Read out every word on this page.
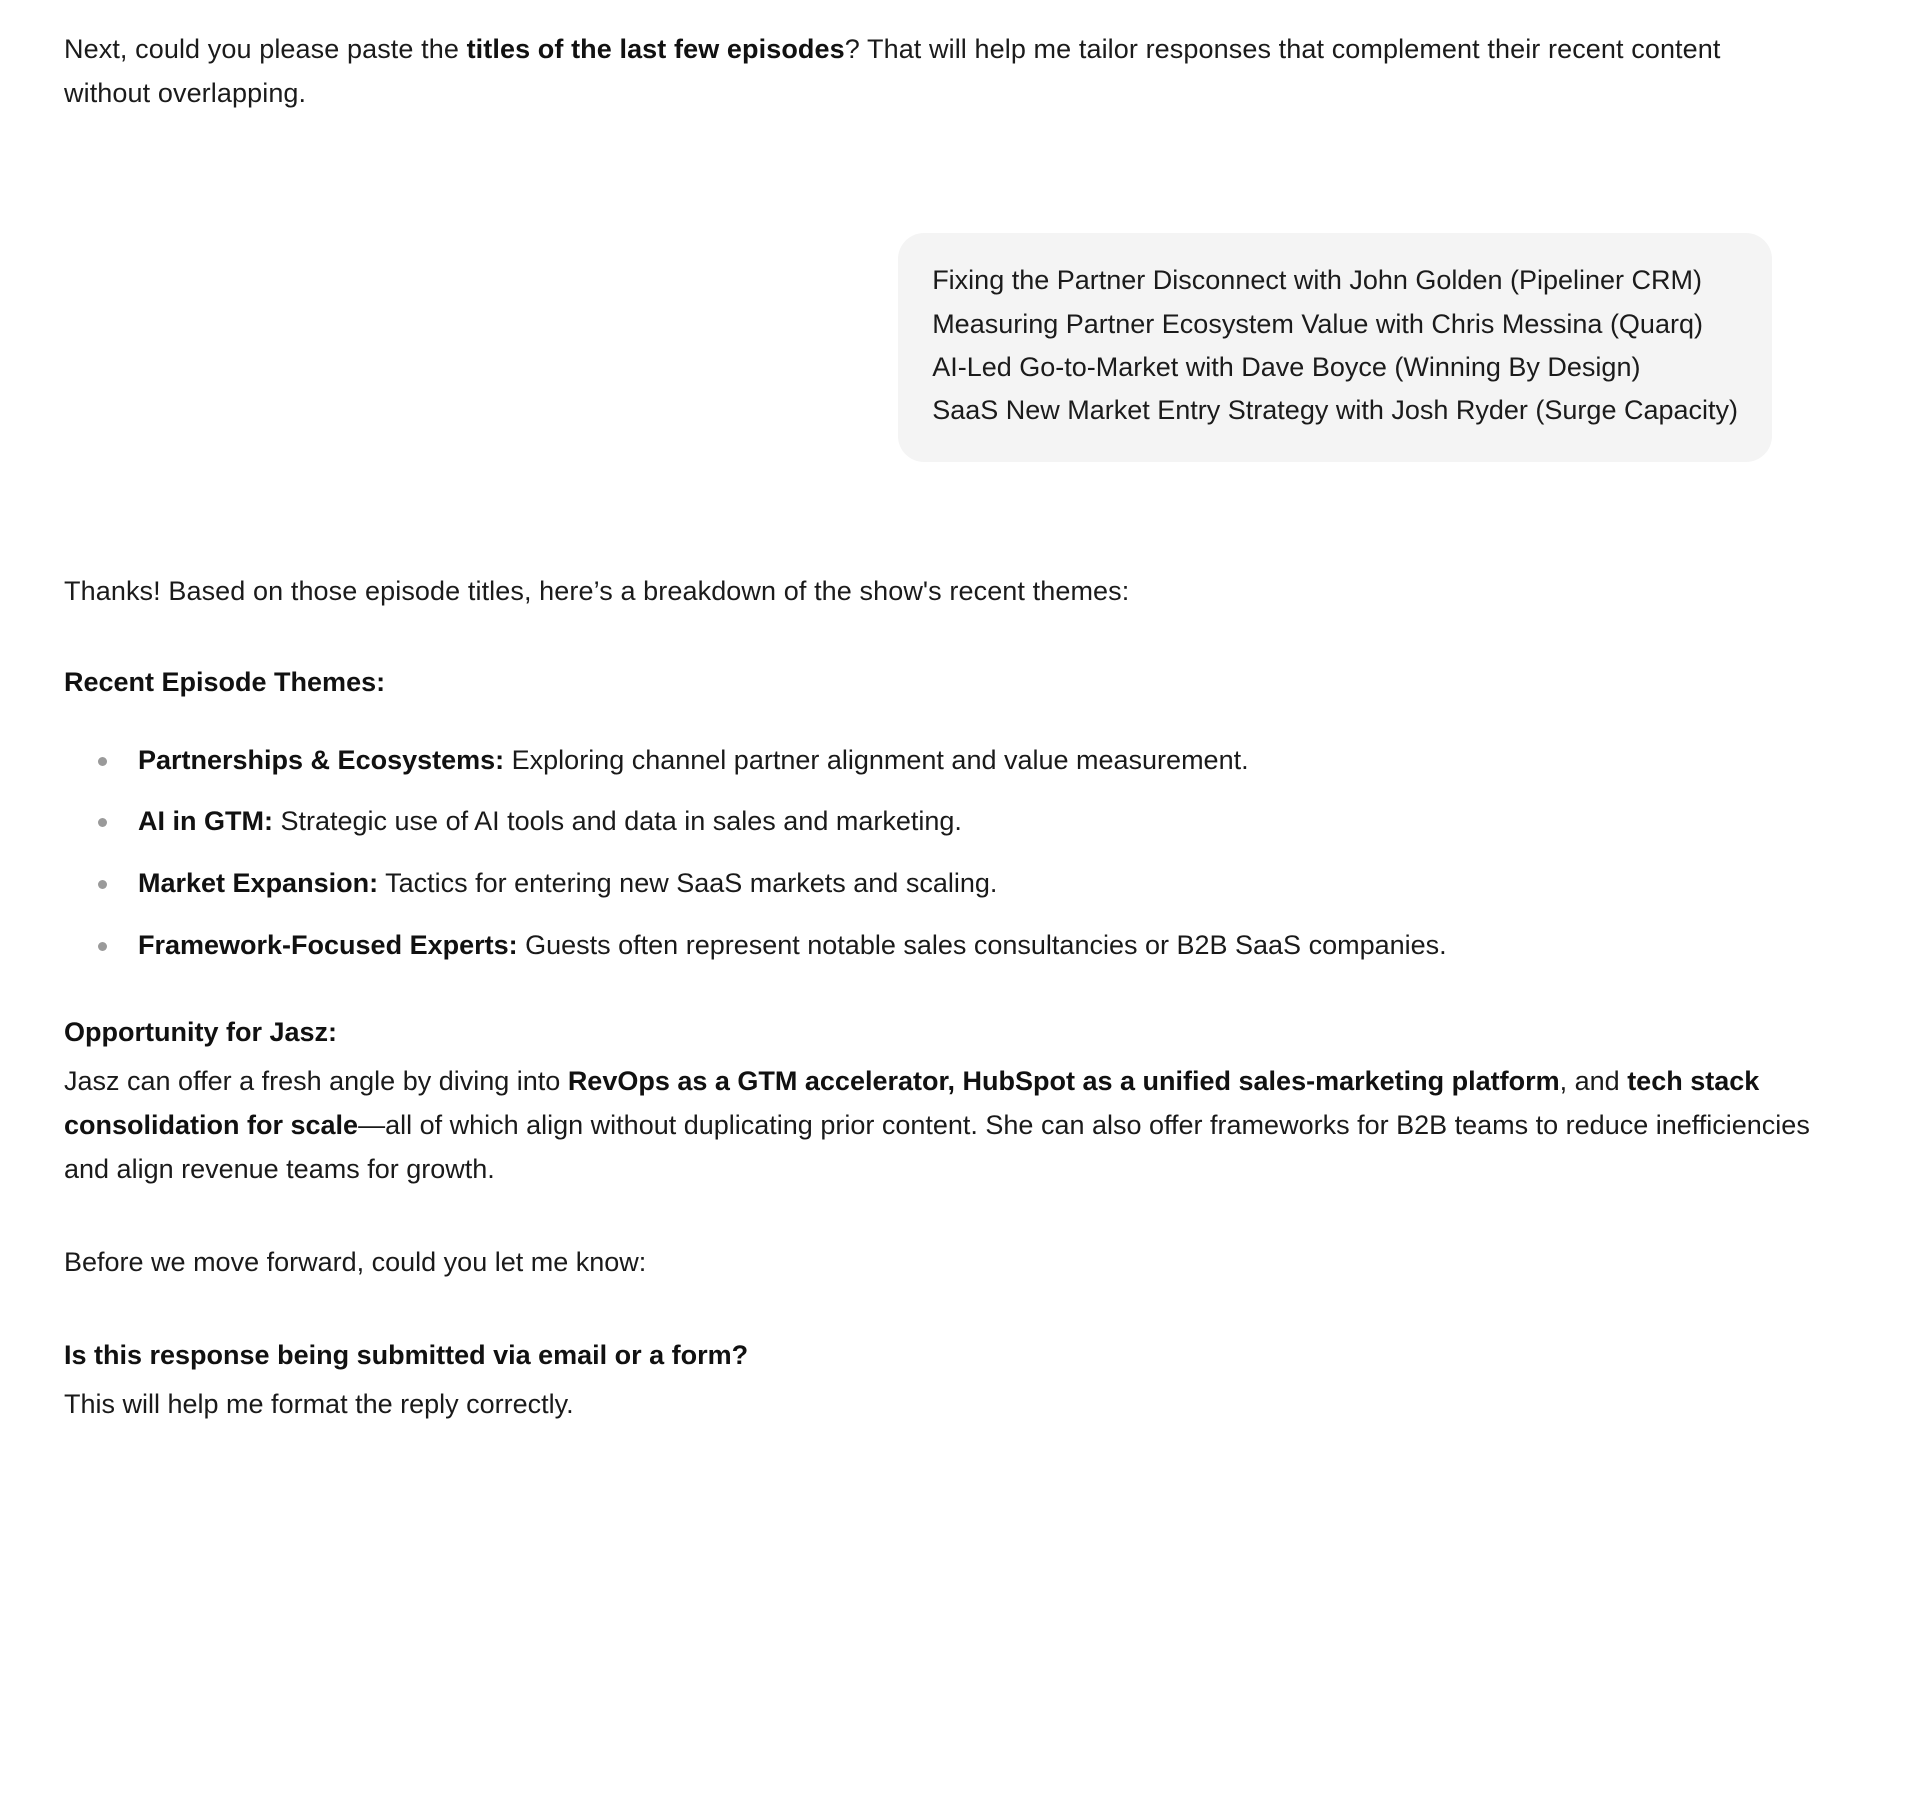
Next, could you please paste the titles of the last few episodes? That will help me tailor responses that complement their recent content without overlapping.
Fixing the Partner Disconnect with John Golden (Pipeliner CRM)
Measuring Partner Ecosystem Value with Chris Messina (Quarq)
AI-Led Go-to-Market with Dave Boyce (Winning By Design)
SaaS New Market Entry Strategy with Josh Ryder (Surge Capacity)
Thanks! Based on those episode titles, here’s a breakdown of the show's recent themes:
Recent Episode Themes:
Partnerships & Ecosystems: Exploring channel partner alignment and value measurement.
AI in GTM: Strategic use of AI tools and data in sales and marketing.
Market Expansion: Tactics for entering new SaaS markets and scaling.
Framework-Focused Experts: Guests often represent notable sales consultancies or B2B SaaS companies.
Opportunity for Jasz:
Jasz can offer a fresh angle by diving into RevOps as a GTM accelerator, HubSpot as a unified sales-marketing platform, and tech stack consolidation for scale—all of which align without duplicating prior content. She can also offer frameworks for B2B teams to reduce inefficiencies and align revenue teams for growth.
Before we move forward, could you let me know:
Is this response being submitted via email or a form?
This will help me format the reply correctly.
